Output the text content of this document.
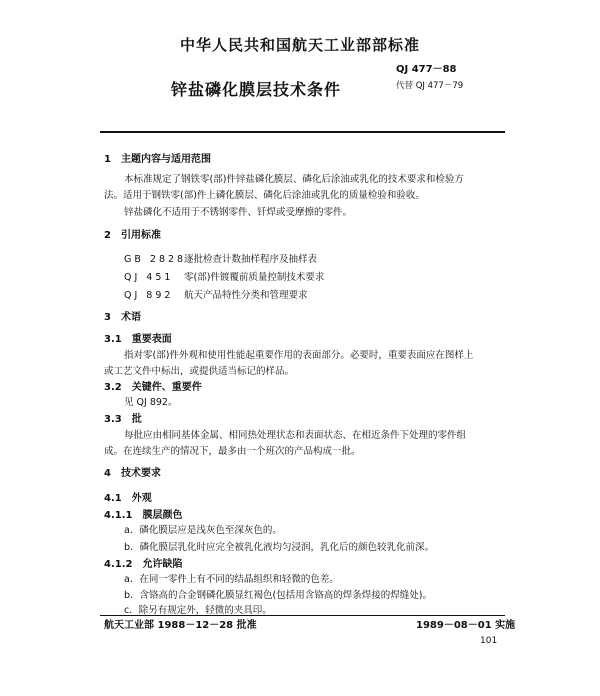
中华人民共和国航天工业部部标准
QJ 477－88
锌盐磷化膜层技术条件	代替 QJ 477－79
1　主题内容与适用范围
本标准规定了钢铁零(部)件锌盐磷化膜层、磷化后涂油或乳化的技术要求和检验方
法。适用于钢铁零(部)件上磷化膜层、磷化后涂油或乳化的质量检验和验收。
锌盐磷化不适用于不锈钢零件、钎焊或受摩擦的零件。
2　引用标准
GB 2828逐批检查计数抽样程序及抽样表
QJ 451 零(部)件镀覆前质量控制技术要求
QJ 892 航天产品特性分类和管理要求
3　术语
3.1　重要表面
指对零(部)件外观和使用性能起重要作用的表面部分。必要时，重要表面应在图样上
或工艺文件中标出，或提供适当标记的样品。
3.2　关键件、重要件
见 QJ 892。
3.3　批
每批应由相同基体金属、相同热处理状态和表面状态、在相近条件下处理的零件组
成。在连续生产的情况下，最多由一个班次的产品构成一批。
4　技术要求
4.1　外观
4.1.1　膜层颜色
a．磷化膜层应是浅灰色至深灰色的。
b．磷化膜层乳化时应完全被乳化液均匀浸润，乳化后的颜色较乳化前深。
4.1.2　允许缺陷
a．在同一零件上有不同的结晶组织和轻微的色差。
b．含铬高的合金钢磷化膜显红褐色(包括用含铬高的焊条焊接的焊缝处)。
c．除另有规定外，轻微的夹具印。
航天工业部 1988－12－28 批准	1989－08－01 实施
101
